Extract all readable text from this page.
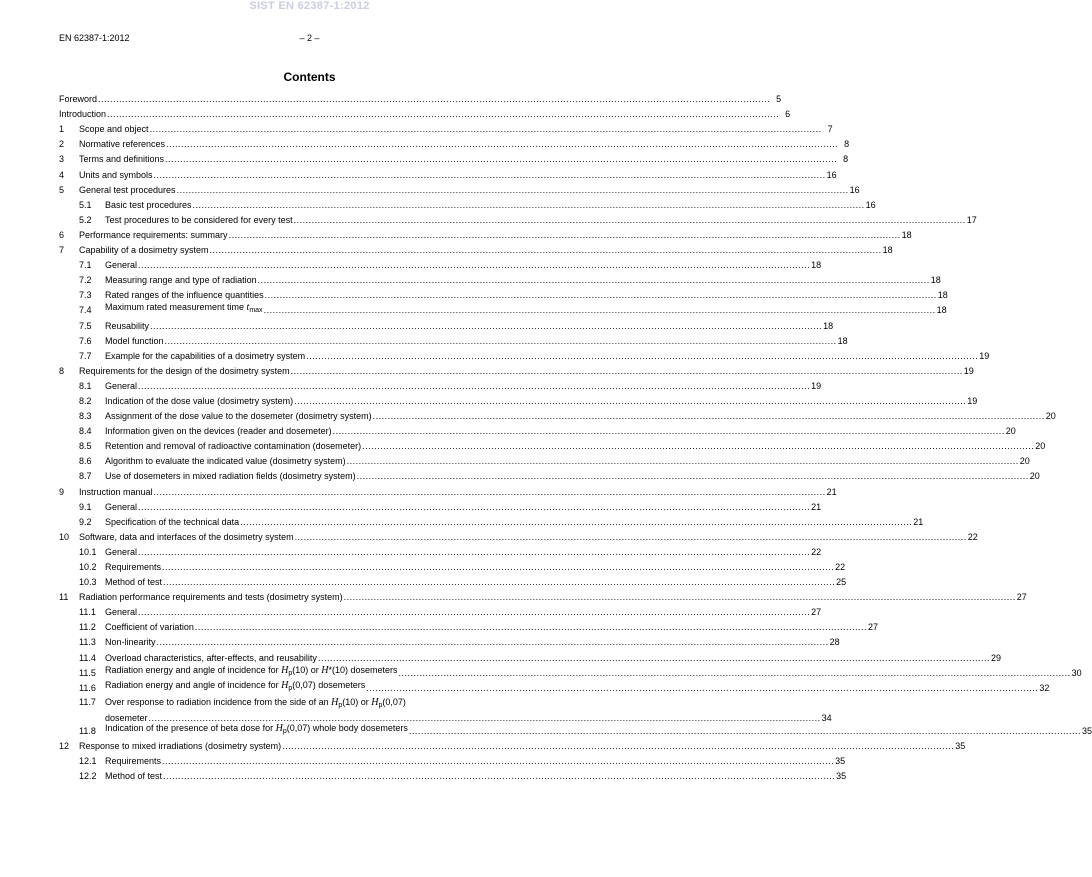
SIST EN 62387-1:2012
EN 62387-1:2012	– 2 –
Contents
Foreword .....	5
Introduction .....	6
1	Scope and object .....	7
2	Normative references .....	8
3	Terms and definitions .....	8
4	Units and symbols .....	16
5	General test procedures .....	16
5.1	Basic test procedures .....	16
5.2	Test procedures to be considered for every test .....	17
6	Performance requirements: summary .....	18
7	Capability of a dosimetry system .....	18
7.1	General .....	18
7.2	Measuring range and type of radiation .....	18
7.3	Rated ranges of the influence quantities .....	18
7.4	Maximum rated measurement time $t_{max}$ .....	18
7.5	Reusability .....	18
7.6	Model function .....	18
7.7	Example for the capabilities of a dosimetry system .....	19
8	Requirements for the design of the dosimetry system .....	19
8.1	General .....	19
8.2	Indication of the dose value (dosimetry system) .....	19
8.3	Assignment of the dose value to the dosemeter (dosimetry system) .....	20
8.4	Information given on the devices (reader and dosemeter) .....	20
8.5	Retention and removal of radioactive contamination (dosemeter) .....	20
8.6	Algorithm to evaluate the indicated value (dosimetry system) .....	20
8.7	Use of dosemeters in mixed radiation fields (dosimetry system) .....	20
9	Instruction manual .....	21
9.1	General .....	21
9.2	Specification of the technical data .....	21
10	Software, data and interfaces of the dosimetry system .....	22
10.1 General .....	22
10.2 Requirements .....	22
10.3 Method of test .....	25
11	Radiation performance requirements and tests (dosimetry system) .....	27
11.1	General .....	27
11.2	Coefficient of variation .....	27
11.3	Non-linearity .....	28
11.4	Overload characteristics, after-effects, and reusability .....	29
11.5	Radiation energy and angle of incidence for $H_p(10)$ or H*(10) dosemeters .....	30
11.6	Radiation energy and angle of incidence for $H_p(0,07)$ dosemeters .....	32
11.7	Over response to radiation incidence from the side of an $H_p(10)$ or $H_p(0,07)$
dosemeter .....	34
11.8	Indication of the presence of beta dose for $H_p(0,07)$ whole body dosemeters .....	35
12	Response to mixed irradiations (dosimetry system) .....	35
12.1 Requirements .....	35
12.2 Method of test .....	35
